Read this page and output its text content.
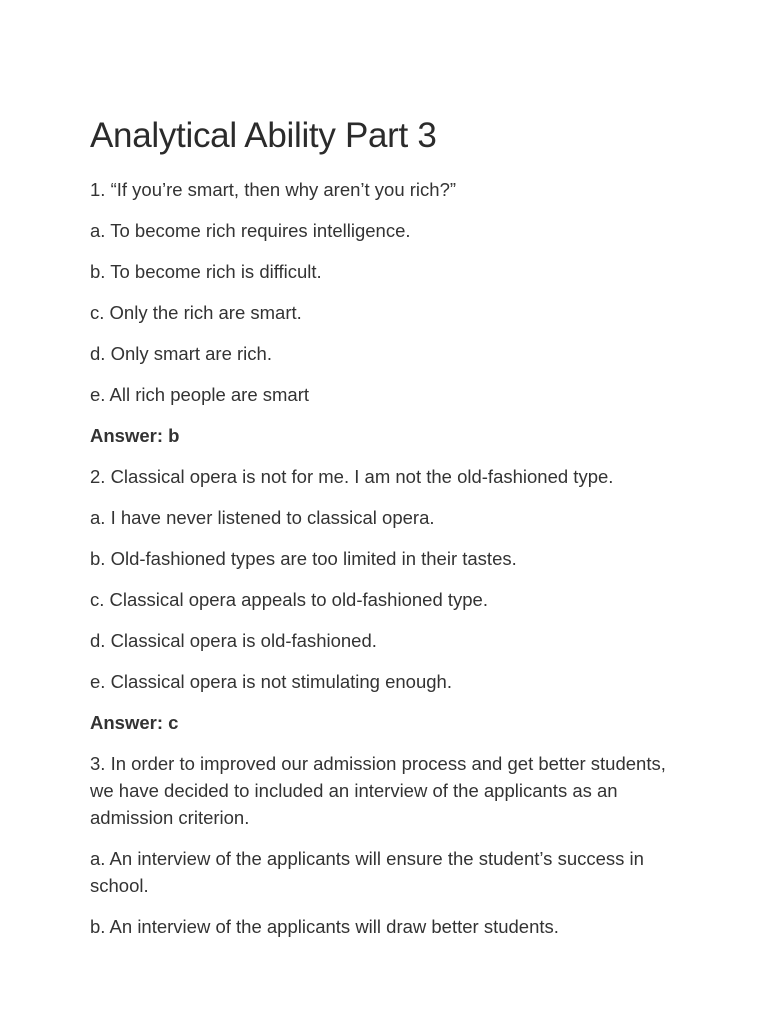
Analytical Ability Part 3

1. “If you’re smart, then why aren’t you rich?”

a. To become rich requires intelligence.

b. To become rich is difficult.

c. Only the rich are smart.

d. Only smart are rich.

e. All rich people are smart

Answer: b

2. Classical opera is not for me. I am not the old-fashioned type.

a. I have never listened to classical opera.

b. Old-fashioned types are too limited in their tastes.

c. Classical opera appeals to old-fashioned type.

d. Classical opera is old-fashioned.

e. Classical opera is not stimulating enough.

Answer: c

3. In order to improved our admission process and get better students, we have decided to included an interview of the applicants as an admission criterion.

a. An interview of the applicants will ensure the student’s success in school.

b. An interview of the applicants will draw better students.
